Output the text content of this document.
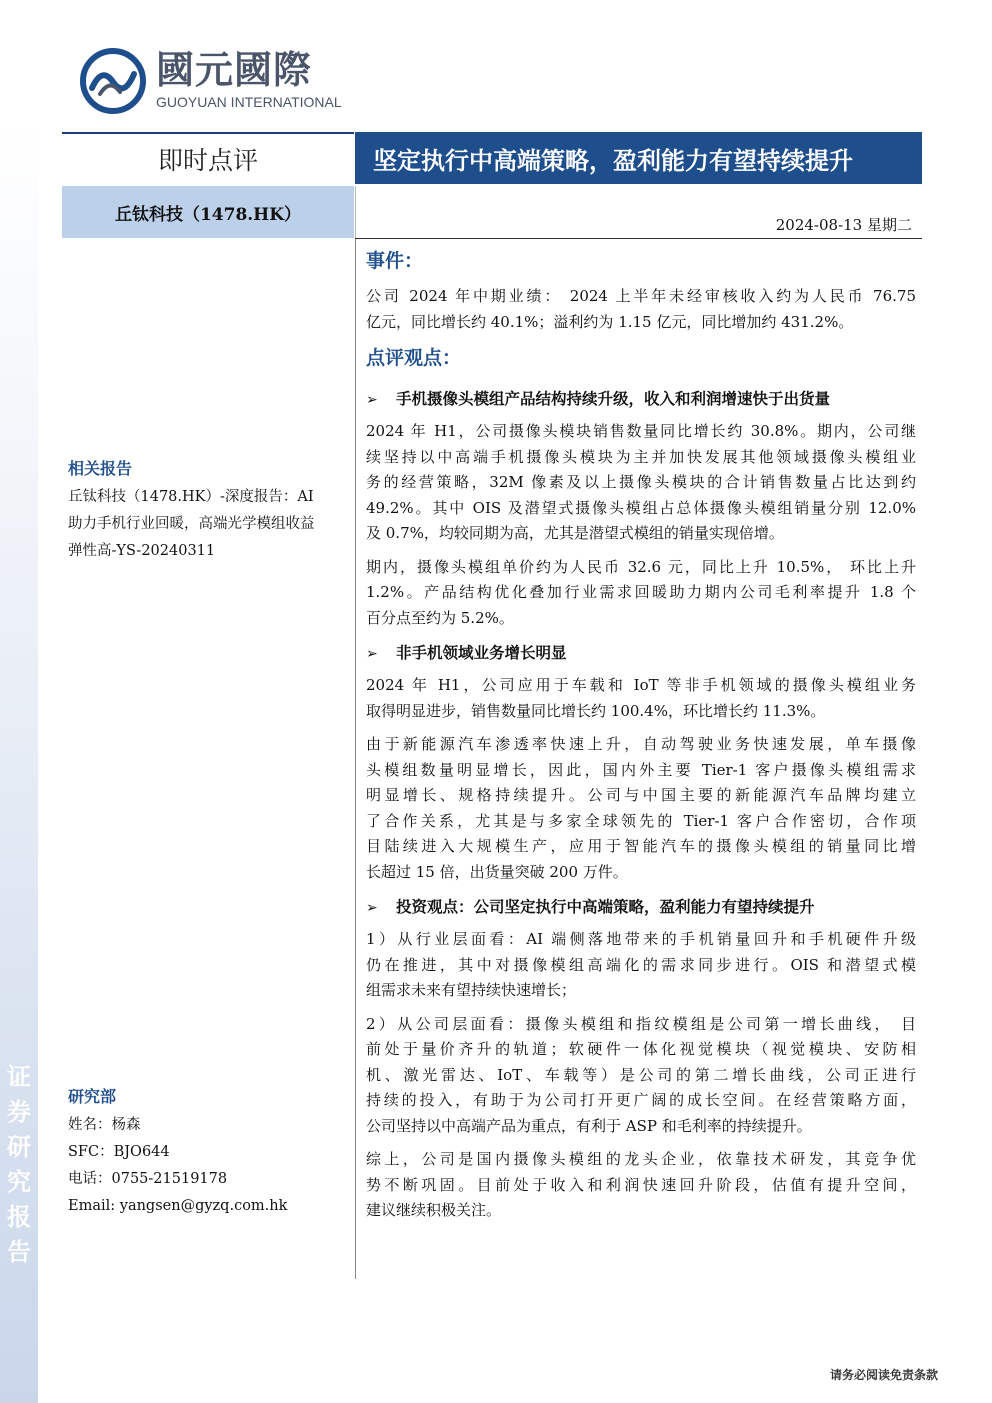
证
券
研
究
报
告
國元國際
GUOYUAN INTERNATIONAL
即时点评	坚定执行中高端策略，盈利能力有望持续提升
丘钛科技（1478.HK）
2024-08-13 星期二
相关报告
丘钛科技（1478.HK）-深度报告：AI
助力手机行业回暖，高端光学模组收益
弹性高-YS-20240311
研究部
姓名：杨森
SFC：BJO644
电话：0755-21519178
Email: yangsen@gyzq.com.hk
事件：
公司 2024 年中期业绩： 2024 上半年未经审核收入约为人民币 76.75
亿元，同比增长约 40.1%；溢利约为 1.15 亿元，同比增加约 431.2%。
点评观点：
➢ 手机摄像头模组产品结构持续升级，收入和利润增速快于出货量
2024 年 H1，公司摄像头模块销售数量同比增长约 30.8%。期内，公司继
续坚持以中高端手机摄像头模块为主并加快发展其他领域摄像头模组业
务的经营策略，32M 像素及以上摄像头模块的合计销售数量占比达到约
49.2%。其中 OIS 及潜望式摄像头模组占总体摄像头模组销量分别 12.0%
及 0.7%，均较同期为高，尤其是潜望式模组的销量实现倍增。
期内，摄像头模组单价约为人民币 32.6 元，同比上升 10.5%， 环比上升
1.2%。产品结构优化叠加行业需求回暖助力期内公司毛利率提升 1.8 个
百分点至约为 5.2%。
➢ 非手机领域业务增长明显
2024 年 H1，公司应用于车载和 IoT 等非手机领域的摄像头模组业务
取得明显进步，销售数量同比增长约 100.4%，环比增长约 11.3%。
由于新能源汽车渗透率快速上升，自动驾驶业务快速发展，单车摄像
头模组数量明显增长，因此，国内外主要 Tier-1 客户摄像头模组需求
明显增长、规格持续提升。公司与中国主要的新能源汽车品牌均建立
了合作关系，尤其是与多家全球领先的 Tier-1 客户合作密切，合作项
目陆续进入大规模生产，应用于智能汽车的摄像头模组的销量同比增
长超过 15 倍，出货量突破 200 万件。
➢ 投资观点：公司坚定执行中高端策略，盈利能力有望持续提升
1）从行业层面看：AI 端侧落地带来的手机销量回升和手机硬件升级
仍在推进，其中对摄像模组高端化的需求同步进行。OIS 和潜望式模
组需求未来有望持续快速增长；
2）从公司层面看：摄像头模组和指纹模组是公司第一增长曲线， 目
前处于量价齐升的轨道；软硬件一体化视觉模块（视觉模块、安防相
机、激光雷达、IoT、车载等）是公司的第二增长曲线，公司正进行
持续的投入，有助于为公司打开更广阔的成长空间。在经营策略方面，
公司坚持以中高端产品为重点，有利于 ASP 和毛利率的持续提升。
综上，公司是国内摄像头模组的龙头企业，依靠技术研发，其竞争优
势不断巩固。目前处于收入和利润快速回升阶段，估值有提升空间，
建议继续积极关注。
请务必阅读免责条款
